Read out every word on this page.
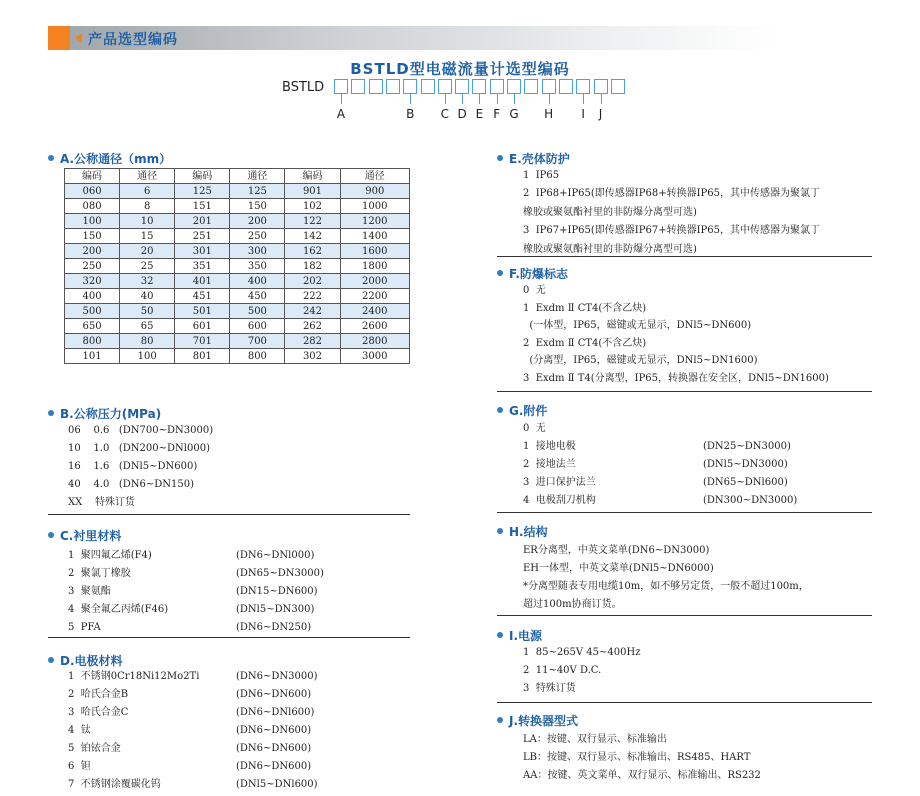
产品选型编码
BSTLD型电磁流量计选型编码
BSTLD
A	B C D E F G H	I	J
A.公称通径（mm）
编码	通径	编码	通径	编码	通径
060	6	125	125	901	900
080	8	151	150	102	1000
100	10	201	200	122	1200
150	15	251	250	142	1400
200	20	301	300	162	1600
250	25	351	350	182	1800
320	32	401	400	202	2000
400	40	451	450	222	2200
500	50	501	500	242	2400
650	65	601	600	262	2600
800	80	701	700	282	2800
101	100	801	800	302	3000
B.公称压力(MPa)
06    0.6   (DN700~DN3000)
10    1.0   (DN200~DNl000)
16    1.6   (DNl5~DN600)
40    4.0   (DN6~DN150)
XX    特殊订货
C.衬里材料
1  聚四氟乙烯(F4)	(DN6~DNl000)
2  聚氯丁橡胶	(DN65~DN3000)
3  聚氨酯	(DN15~DN600)
4  聚全氟乙丙烯(F46)	(DNl5~DN300)
5  PFA	(DN6~DN250)
D.电极材料
1  不锈钢0Cr18Ni12Mo2Ti	(DN6~DN3000)
2  哈氏合金B	(DN6~DN600)
3  哈氏合金C	(DN6~DNl600)
4  钛	(DN6~DN600)
5  铂铱合金	(DN6~DN600)
6  钽	(DN6~DN600)
7  不锈钢涂覆碳化钨	(DNl5~DNl600)
E.壳体防护
1  IP65
2  IP68+IP65(即传感器IP68+转换器IP65，其中传感器为聚氯丁
橡胶或聚氨酯衬里的非防爆分离型可选)
3  IP67+IP65(即传感器IP67+转换器IP65，其中传感器为聚氯丁
橡胶或聚氨酯衬里的非防爆分离型可选)
F.防爆标志
0  无
1  Exdm Ⅱ CT4(不含乙炔)
(一体型，IP65，磁键或无显示，DNl5~DN600)
2  Exdm Ⅱ CT4(不含乙炔)
(分离型，IP65，磁键或无显示，DNl5~DN1600)
3  Exdm Ⅱ T4(分离型，IP65，转换器在安全区，DNl5~DN1600)
G.附件
0  无
1  接地电极	(DN25~DN3000)
2  接地法兰	(DNl5~DN3000)
3  进口保护法兰	(DN65~DNl600)
4  电极刮刀机构	(DN300~DN3000)
H.结构
ER分离型，中英文菜单(DN6~DN3000)
EH一体型，中英文菜单(DNl5~DN6000)
*分离型随表专用电缆10m，如不够另定货，一般不超过100m，
超过100m协商订货。
I.电源
1  85~265V 45~400Hz
2  11~40V D.C.
3  特殊订货
J.转换器型式
LA：按键、双行显示、标准输出
LB：按键、双行显示、标准输出、RS485、HART
AA：按键、英文菜单、双行显示、标准输出、RS232
